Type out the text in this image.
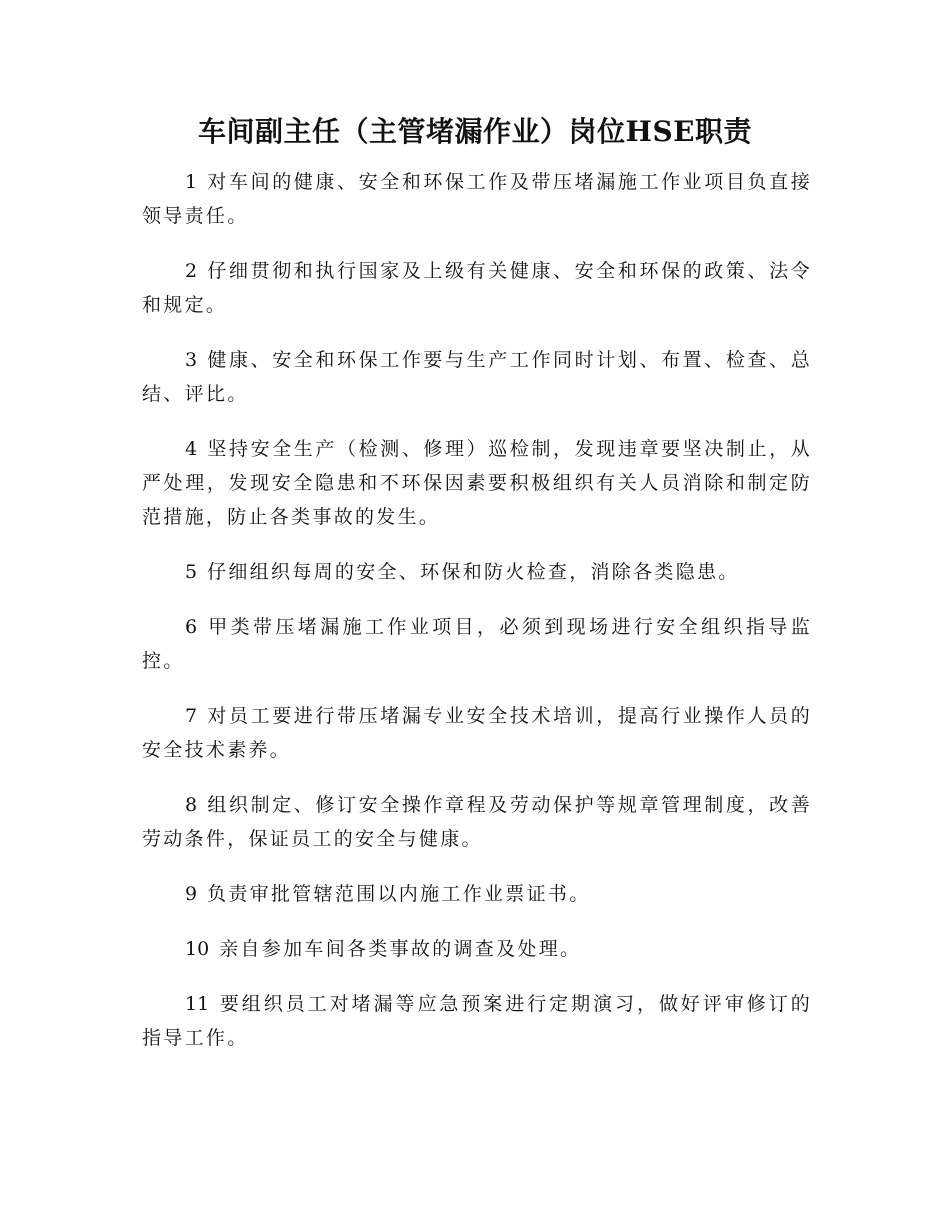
车间副主任（主管堵漏作业）岗位HSE职责

1 对车间的健康、安全和环保工作及带压堵漏施工作业项目负直接领导责任。

2 仔细贯彻和执行国家及上级有关健康、安全和环保的政策、法令和规定。

3 健康、安全和环保工作要与生产工作同时计划、布置、检查、总结、评比。

4 坚持安全生产（检测、修理）巡检制，发现违章要坚决制止，从严处理，发现安全隐患和不环保因素要积极组织有关人员消除和制定防范措施，防止各类事故的发生。

5 仔细组织每周的安全、环保和防火检查，消除各类隐患。

6 甲类带压堵漏施工作业项目，必须到现场进行安全组织指导监控。

7 对员工要进行带压堵漏专业安全技术培训，提高行业操作人员的安全技术素养。

8 组织制定、修订安全操作章程及劳动保护等规章管理制度，改善劳动条件，保证员工的安全与健康。

9 负责审批管辖范围以内施工作业票证书。

10 亲自参加车间各类事故的调查及处理。

11 要组织员工对堵漏等应急预案进行定期演习，做好评审修订的指导工作。
